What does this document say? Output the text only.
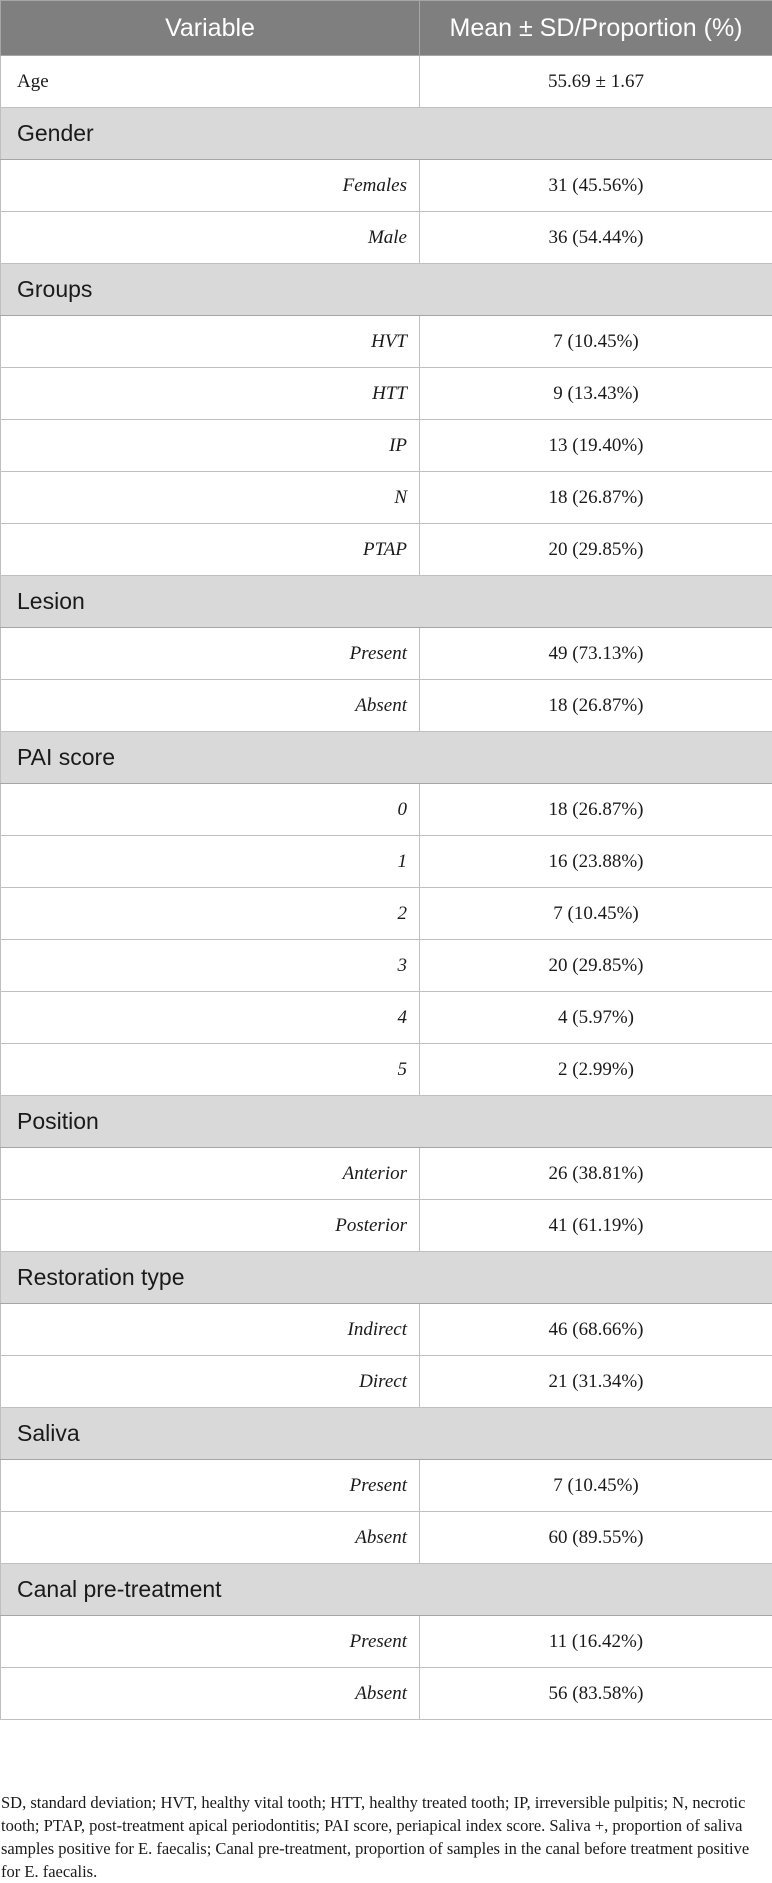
Variable	Mean ± SD/Proportion (%)
Age	55.69 ± 1.67
Gender	
Females	31 (45.56%)
Male	36 (54.44%)
Groups	
HVT	7 (10.45%)
HTT	9 (13.43%)
IP	13 (19.40%)
N	18 (26.87%)
PTAP	20 (29.85%)
Lesion	
Present	49 (73.13%)
Absent	18 (26.87%)
PAI score	
0	18 (26.87%)
1	16 (23.88%)
2	7 (10.45%)
3	20 (29.85%)
4	4 (5.97%)
5	2 (2.99%)
Position	
Anterior	26 (38.81%)
Posterior	41 (61.19%)
Restoration type	
Indirect	46 (68.66%)
Direct	21 (31.34%)
Saliva	
Present	7 (10.45%)
Absent	60 (89.55%)
Canal pre-treatment	
Present	11 (16.42%)
Absent	56 (83.58%)
SD, standard deviation; HVT, healthy vital tooth; HTT, healthy treated tooth; IP, irreversible pulpitis; N, necrotic tooth; PTAP, post-treatment apical periodontitis; PAI score, periapical index score. Saliva +, proportion of saliva samples positive for E. faecalis; Canal pre-treatment, proportion of samples in the canal before treatment positive for E. faecalis.
